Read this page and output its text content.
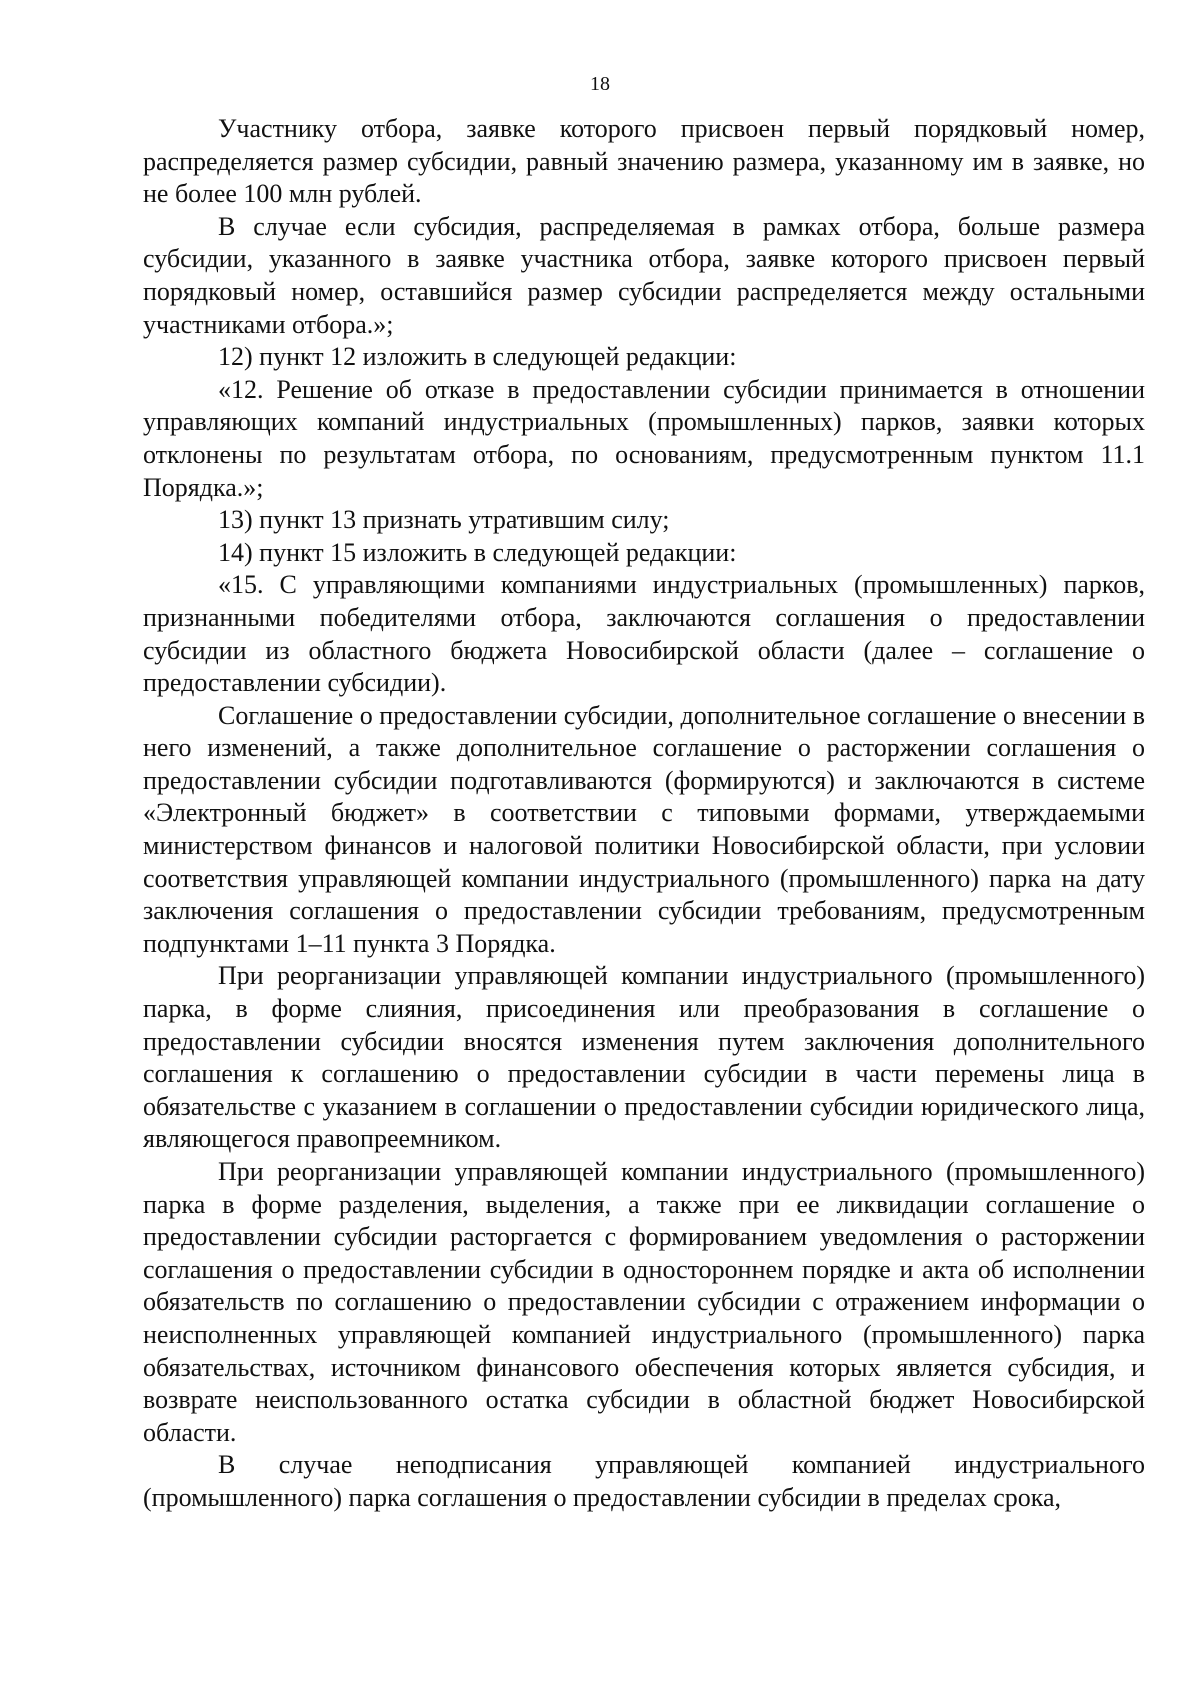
18

Участнику отбора, заявке которого присвоен первый порядковый номер, распределяется размер субсидии, равный значению размера, указанному им в заявке, но не более 100 млн рублей.

В случае если субсидия, распределяемая в рамках отбора, больше размера субсидии, указанного в заявке участника отбора, заявке которого присвоен первый порядковый номер, оставшийся размер субсидии распределяется между остальными участниками отбора.»;

12) пункт 12 изложить в следующей редакции:

«12. Решение об отказе в предоставлении субсидии принимается в отношении управляющих компаний индустриальных (промышленных) парков, заявки которых отклонены по результатам отбора, по основаниям, предусмотренным пунктом 11.1 Порядка.»;

13) пункт 13 признать утратившим силу;

14) пункт 15 изложить в следующей редакции:

«15. С управляющими компаниями индустриальных (промышленных) парков, признанными победителями отбора, заключаются соглашения о предоставлении субсидии из областного бюджета Новосибирской области (далее – соглашение о предоставлении субсидии).

Соглашение о предоставлении субсидии, дополнительное соглашение о внесении в него изменений, а также дополнительное соглашение о расторжении соглашения о предоставлении субсидии подготавливаются (формируются) и заключаются в системе «Электронный бюджет» в соответствии с типовыми формами, утверждаемыми министерством финансов и налоговой политики Новосибирской области, при условии соответствия управляющей компании индустриального (промышленного) парка на дату заключения соглашения о предоставлении субсидии требованиям, предусмотренным подпунктами 1–11 пункта 3 Порядка.

При реорганизации управляющей компании индустриального (промышленного) парка, в форме слияния, присоединения или преобразования в соглашение о предоставлении субсидии вносятся изменения путем заключения дополнительного соглашения к соглашению о предоставлении субсидии в части перемены лица в обязательстве с указанием в соглашении о предоставлении субсидии юридического лица, являющегося правопреемником.

При реорганизации управляющей компании индустриального (промышленного) парка в форме разделения, выделения, а также при ее ликвидации соглашение о предоставлении субсидии расторгается с формированием уведомления о расторжении соглашения о предоставлении субсидии в одностороннем порядке и акта об исполнении обязательств по соглашению о предоставлении субсидии с отражением информации о неисполненных управляющей компанией индустриального (промышленного) парка обязательствах, источником финансового обеспечения которых является субсидия, и возврате неиспользованного остатка субсидии в областной бюджет Новосибирской области.

В случае неподписания управляющей компанией индустриального (промышленного) парка соглашения о предоставлении субсидии в пределах срока,
